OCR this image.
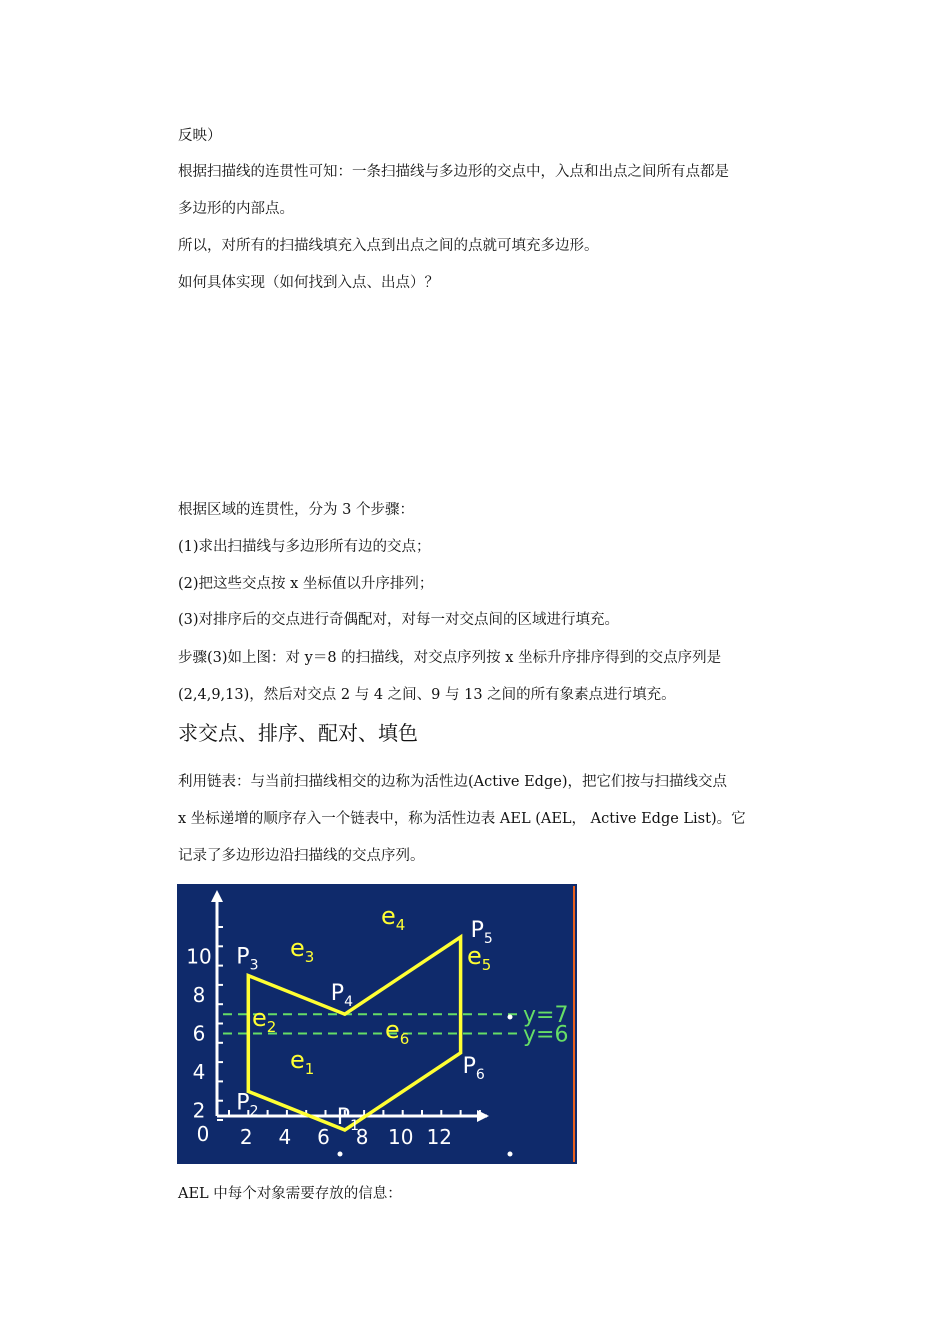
反映）
根据扫描线的连贯性可知：一条扫描线与多边形的交点中，入点和出点之间所有点都是
多边形的内部点。
所以，对所有的扫描线填充入点到出点之间的点就可填充多边形。
如何具体实现（如何找到入点、出点）？
根据区域的连贯性，分为 3 个步骤：
(1)求出扫描线与多边形所有边的交点；
(2)把这些交点按 x 坐标值以升序排列；
(3)对排序后的交点进行奇偶配对，对每一对交点间的区域进行填充。
步骤(3)如上图：对 y＝8 的扫描线，对交点序列按 x 坐标升序排序得到的交点序列是
(2,4,9,13)，然后对交点 2 与 4 之间、9 与 13 之间的所有象素点进行填充。
求交点、排序、配对、填色
利用链表：与当前扫描线相交的边称为活性边(Active Edge)，把它们按与扫描线交点
x 坐标递增的顺序存入一个链表中，称为活性边表 AEL (AEL， Active Edge List)。它
记录了多边形边沿扫描线的交点序列。
y=7
y=6
2 4 6 8 10 12
10
8
6
4
2
0
$P_1$
$P_2$
$P_3$
$P_4$
$P_5$
$P_6$
$e_1$
$e_2$
$e_3$
$e_4$
$e_5$
$e_6$
AEL 中每个对象需要存放的信息：
